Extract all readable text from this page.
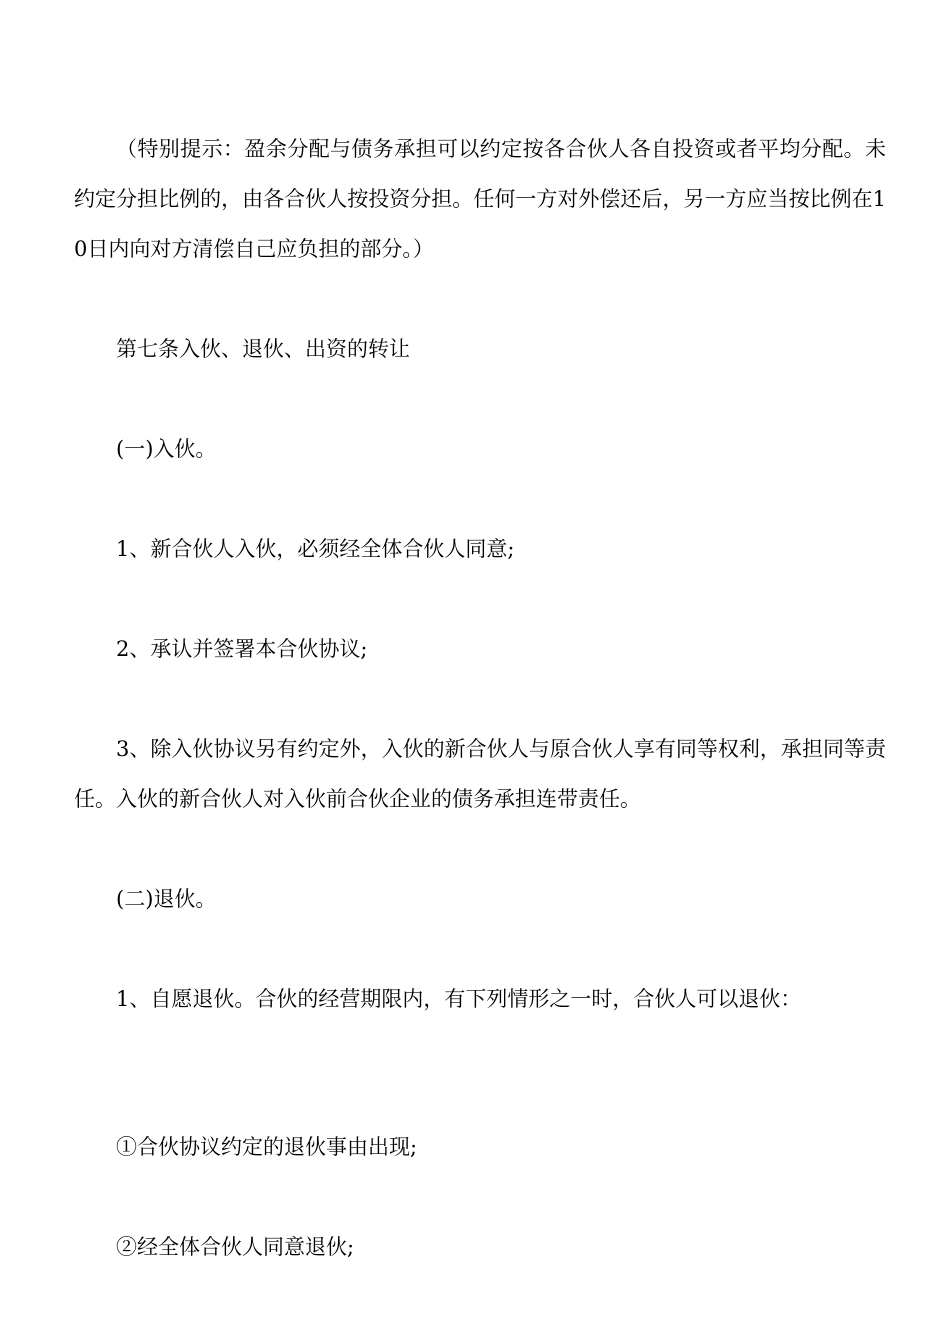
（特别提示：盈余分配与债务承担可以约定按各合伙人各自投资或者平均分配。未约定分担比例的，由各合伙人按投资分担。任何一方对外偿还后，另一方应当按比例在10日内向对方清偿自己应负担的部分。）

第七条入伙、退伙、出资的转让

(一)入伙。

1、新合伙人入伙，必须经全体合伙人同意;

2、承认并签署本合伙协议;

3、除入伙协议另有约定外，入伙的新合伙人与原合伙人享有同等权利，承担同等责任。入伙的新合伙人对入伙前合伙企业的债务承担连带责任。

(二)退伙。

1、自愿退伙。合伙的经营期限内，有下列情形之一时，合伙人可以退伙：

①合伙协议约定的退伙事由出现;

②经全体合伙人同意退伙;
